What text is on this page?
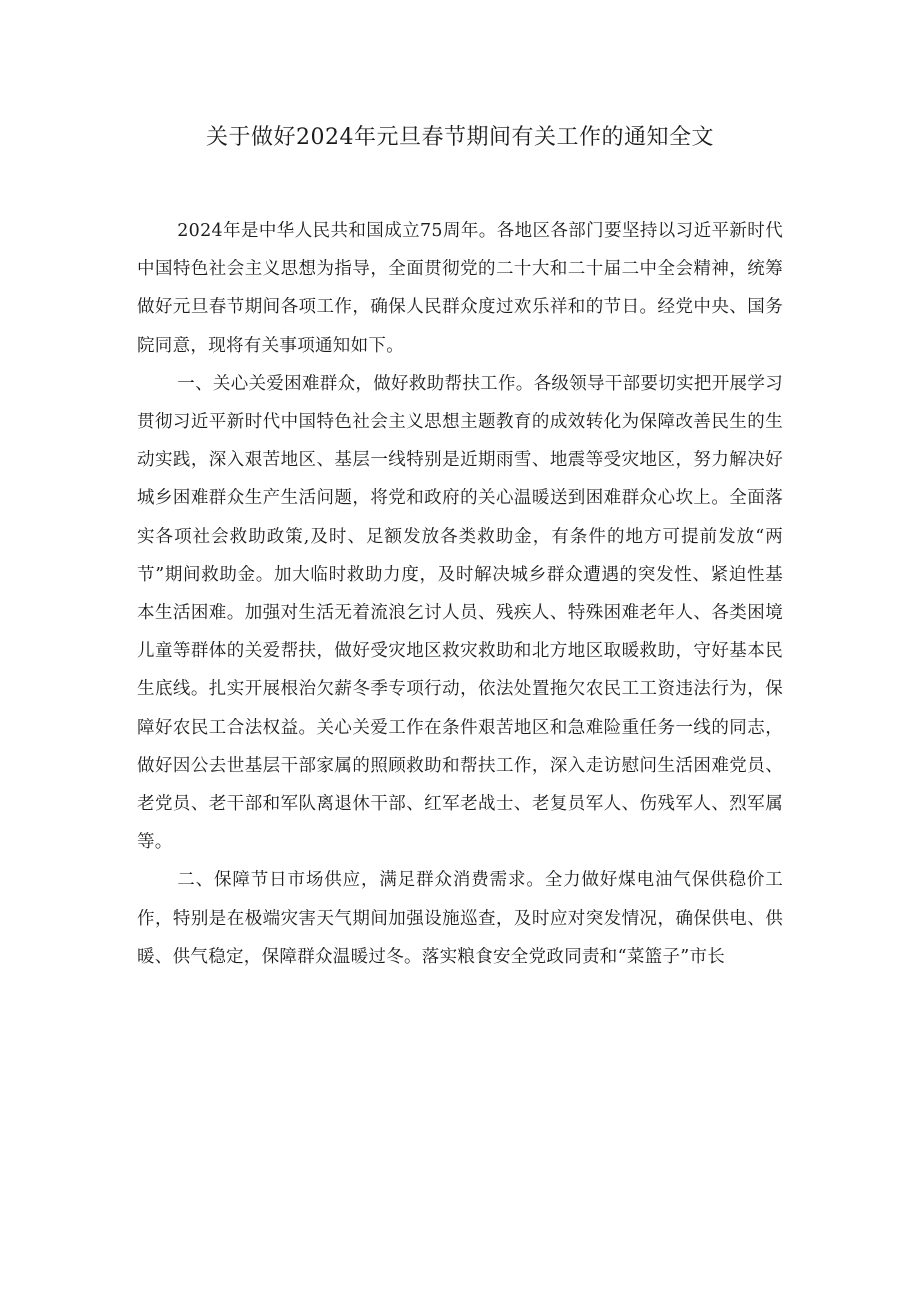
关于做好2024年元旦春节期间有关工作的通知全文

2024年是中华人民共和国成立75周年。各地区各部门要坚持以习近平新时代中国特色社会主义思想为指导，全面贯彻党的二十大和二十届二中全会精神，统筹做好元旦春节期间各项工作，确保人民群众度过欢乐祥和的节日。经党中央、国务院同意，现将有关事项通知如下。

一、关心关爱困难群众，做好救助帮扶工作。各级领导干部要切实把开展学习贯彻习近平新时代中国特色社会主义思想主题教育的成效转化为保障改善民生的生动实践，深入艰苦地区、基层一线特别是近期雨雪、地震等受灾地区，努力解决好城乡困难群众生产生活问题，将党和政府的关心温暖送到困难群众心坎上。全面落实各项社会救助政策,及时、足额发放各类救助金，有条件的地方可提前发放“两节”期间救助金。加大临时救助力度，及时解决城乡群众遭遇的突发性、紧迫性基本生活困难。加强对生活无着流浪乞讨人员、残疾人、特殊困难老年人、各类困境儿童等群体的关爱帮扶，做好受灾地区救灾救助和北方地区取暖救助，守好基本民生底线。扎实开展根治欠薪冬季专项行动，依法处置拖欠农民工工资违法行为，保障好农民工合法权益。关心关爱工作在条件艰苦地区和急难险重任务一线的同志，做好因公去世基层干部家属的照顾救助和帮扶工作，深入走访慰问生活困难党员、老党员、老干部和军队离退休干部、红军老战士、老复员军人、伤残军人、烈军属等。

二、保障节日市场供应，满足群众消费需求。全力做好煤电油气保供稳价工作，特别是在极端灾害天气期间加强设施巡查，及时应对突发情况，确保供电、供暖、供气稳定，保障群众温暖过冬。落实粮食安全党政同责和“菜篮子”市长
